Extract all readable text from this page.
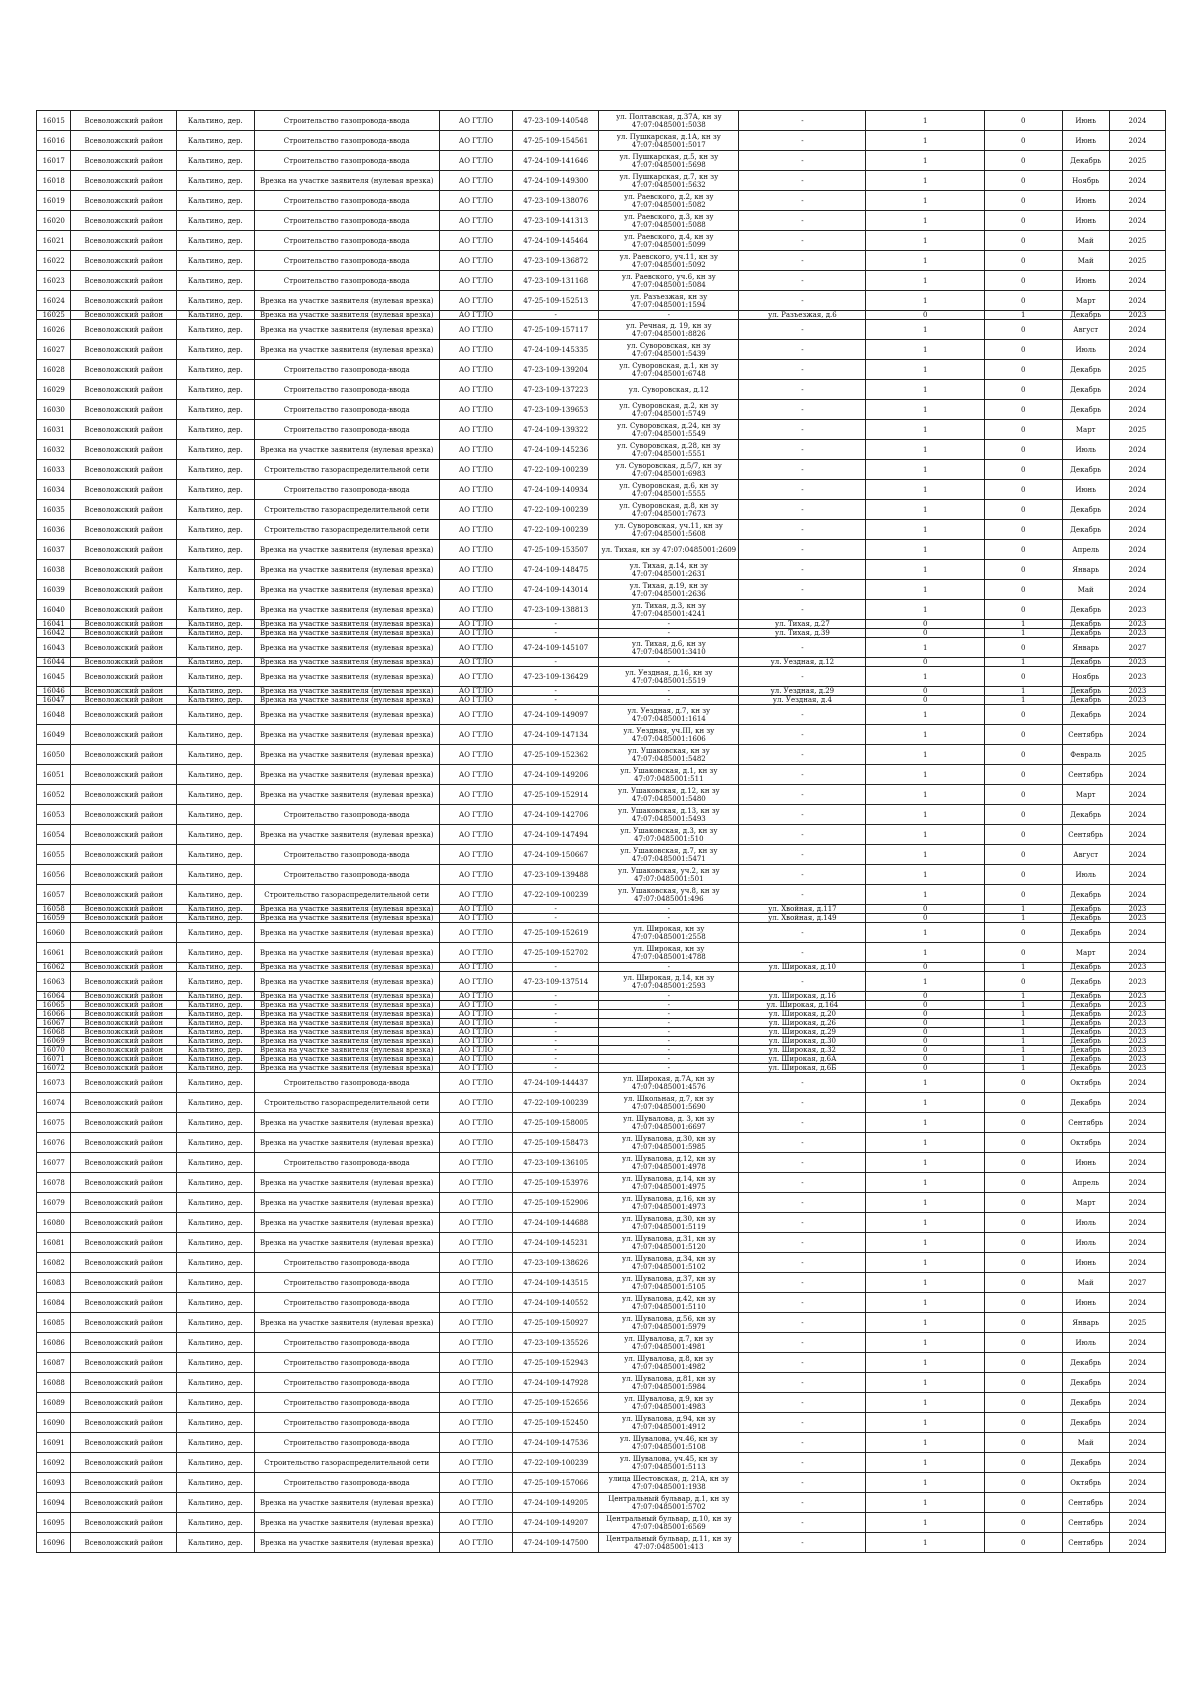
16015	Всеволожский район	Кальтино, дер.	Строительство газопровода-ввода	АО ГТЛО	47-23-109-140548	ул. Полтавская, д.37А, кн зу
47:07:0485001:5038	-	1	0	Июнь	2024
16016	Всеволожский район	Кальтино, дер.	Строительство газопровода-ввода	АО ГТЛО	47-25-109-154561	ул. Пушкарская, д.1А, кн зу
47:07:0485001:5017	-	1	0	Июнь	2024
16017	Всеволожский район	Кальтино, дер.	Строительство газопровода-ввода	АО ГТЛО	47-24-109-141646	ул. Пушкарская, д.5, кн зу
47:07:0485001:5698	-	1	0	Декабрь	2025
16018	Всеволожский район	Кальтино, дер.	Врезка на участке заявителя (нулевая врезка)	АО ГТЛО	47-24-109-149300	ул. Пушкарская, д.7, кн зу
47:07:0485001:5632	-	1	0	Ноябрь	2024
16019	Всеволожский район	Кальтино, дер.	Строительство газопровода-ввода	АО ГТЛО	47-23-109-138076	ул. Раевского, д.2, кн зу
47:07:0485001:5082	-	1	0	Июнь	2024
16020	Всеволожский район	Кальтино, дер.	Строительство газопровода-ввода	АО ГТЛО	47-23-109-141313	ул. Раевского, д.3, кн зу
47:07:0485001:5088	-	1	0	Июнь	2024
16021	Всеволожский район	Кальтино, дер.	Строительство газопровода-ввода	АО ГТЛО	47-24-109-145464	ул. Раевского, д.4, кн зу
47:07:0485001:5099	-	1	0	Май	2025
16022	Всеволожский район	Кальтино, дер.	Строительство газопровода-ввода	АО ГТЛО	47-23-109-136872	ул. Раевского, уч.11, кн зу
47:07:0485001:5092	-	1	0	Май	2025
16023	Всеволожский район	Кальтино, дер.	Строительство газопровода-ввода	АО ГТЛО	47-23-109-131168	ул. Раевского, уч.6, кн зу
47:07:0485001:5084	-	1	0	Июнь	2024
16024	Всеволожский район	Кальтино, дер.	Врезка на участке заявителя (нулевая врезка)	АО ГТЛО	47-25-109-152513	ул. Разъезжая, кн зу
47:07:0485001:1594	-	1	0	Март	2024
16025	Всеволожский район	Кальтино, дер.	Врезка на участке заявителя (нулевая врезка)	АО ГТЛО	-	-	ул. Разъезжая, д.6	0	1	Декабрь	2023
16026	Всеволожский район	Кальтино, дер.	Врезка на участке заявителя (нулевая врезка)	АО ГТЛО	47-25-109-157117	ул. Речная, д. 19, кн зу
47:07:0485001:8826	-	1	0	Август	2024
16027	Всеволожский район	Кальтино, дер.	Врезка на участке заявителя (нулевая врезка)	АО ГТЛО	47-24-109-145335	ул. Суворовская, кн зу
47:07:0485001:5439	-	1	0	Июль	2024
16028	Всеволожский район	Кальтино, дер.	Строительство газопровода-ввода	АО ГТЛО	47-23-109-139204	ул. Суворовская, д.1, кн зу
47:07:0485001:6748	-	1	0	Декабрь	2025
16029	Всеволожский район	Кальтино, дер.	Строительство газопровода-ввода	АО ГТЛО	47-23-109-137223	ул. Суворовская, д.12	-	1	0	Декабрь	2024
16030	Всеволожский район	Кальтино, дер.	Строительство газопровода-ввода	АО ГТЛО	47-23-109-139653	ул. Суворовская, д.2, кн зу
47:07:0485001:5749	-	1	0	Декабрь	2024
16031	Всеволожский район	Кальтино, дер.	Строительство газопровода-ввода	АО ГТЛО	47-24-109-139322	ул. Суворовская, д.24, кн зу
47:07:0485001:5549	-	1	0	Март	2025
16032	Всеволожский район	Кальтино, дер.	Врезка на участке заявителя (нулевая врезка)	АО ГТЛО	47-24-109-145236	ул. Суворовская, д.28, кн зу
47:07:0485001:5551	-	1	0	Июль	2024
16033	Всеволожский район	Кальтино, дер.	Строительство газораспределительной сети	АО ГТЛО	47-22-109-100239	ул. Суворовская, д.5/7, кн зу
47:07:0485001:6983	-	1	0	Декабрь	2024
16034	Всеволожский район	Кальтино, дер.	Строительство газопровода-ввода	АО ГТЛО	47-24-109-140934	ул. Суворовская, д.6, кн зу
47:07:0485001:5555	-	1	0	Июнь	2024
16035	Всеволожский район	Кальтино, дер.	Строительство газораспределительной сети	АО ГТЛО	47-22-109-100239	ул. Суворовская, д.8, кн зу
47:07:0485001:7673	-	1	0	Декабрь	2024
16036	Всеволожский район	Кальтино, дер.	Строительство газораспределительной сети	АО ГТЛО	47-22-109-100239	ул. Суворовская, уч.11, кн зу
47:07:0485001:5608	-	1	0	Декабрь	2024
16037	Всеволожский район	Кальтино, дер.	Врезка на участке заявителя (нулевая врезка)	АО ГТЛО	47-25-109-153507	ул. Тихая, кн зу 47:07:0485001:2609	-	1	0	Апрель	2024
16038	Всеволожский район	Кальтино, дер.	Врезка на участке заявителя (нулевая врезка)	АО ГТЛО	47-24-109-148475	ул. Тихая, д.14, кн зу
47:07:0485001:2631	-	1	0	Январь	2024
16039	Всеволожский район	Кальтино, дер.	Врезка на участке заявителя (нулевая врезка)	АО ГТЛО	47-24-109-143014	ул. Тихая, д.19, кн зу
47:07:0485001:2636	-	1	0	Май	2024
16040	Всеволожский район	Кальтино, дер.	Врезка на участке заявителя (нулевая врезка)	АО ГТЛО	47-23-109-138813	ул. Тихая, д.3, кн зу
47:07:0485001:4241	-	1	0	Декабрь	2023
16041	Всеволожский район	Кальтино, дер.	Врезка на участке заявителя (нулевая врезка)	АО ГТЛО	-	-	ул. Тихая, д.27	0	1	Декабрь	2023
16042	Всеволожский район	Кальтино, дер.	Врезка на участке заявителя (нулевая врезка)	АО ГТЛО	-	-	ул. Тихая, д.39	0	1	Декабрь	2023
16043	Всеволожский район	Кальтино, дер.	Врезка на участке заявителя (нулевая врезка)	АО ГТЛО	47-24-109-145107	ул. Тихая, д.6, кн зу
47:07:0485001:3410	-	1	0	Январь	2027
16044	Всеволожский район	Кальтино, дер.	Врезка на участке заявителя (нулевая врезка)	АО ГТЛО	-	-	ул. Уездная, д.12	0	1	Декабрь	2023
16045	Всеволожский район	Кальтино, дер.	Врезка на участке заявителя (нулевая врезка)	АО ГТЛО	47-23-109-136429	ул. Уездная, д.16, кн зу
47:07:0485001:5519	-	1	0	Ноябрь	2023
16046	Всеволожский район	Кальтино, дер.	Врезка на участке заявителя (нулевая врезка)	АО ГТЛО	-	-	ул. Уездная, д.29	0	1	Декабрь	2023
16047	Всеволожский район	Кальтино, дер.	Врезка на участке заявителя (нулевая врезка)	АО ГТЛО	-	-	ул. Уездная, д.4	0	1	Декабрь	2023
16048	Всеволожский район	Кальтино, дер.	Врезка на участке заявителя (нулевая врезка)	АО ГТЛО	47-24-109-149097	ул. Уездная, д.7, кн зу
47:07:0485001:1614	-	1	0	Декабрь	2024
16049	Всеволожский район	Кальтино, дер.	Врезка на участке заявителя (нулевая врезка)	АО ГТЛО	47-24-109-147134	ул. Уездная, уч.III, кн зу
47:07:0485001:1606	-	1	0	Сентябрь	2024
16050	Всеволожский район	Кальтино, дер.	Врезка на участке заявителя (нулевая врезка)	АО ГТЛО	47-25-109-152362	ул. Ушаковская, кн зу
47:07:0485001:5482	-	1	0	Февраль	2025
16051	Всеволожский район	Кальтино, дер.	Врезка на участке заявителя (нулевая врезка)	АО ГТЛО	47-24-109-149206	ул. Ушаковская, д.1, кн зу
47:07:0485001:511	-	1	0	Сентябрь	2024
16052	Всеволожский район	Кальтино, дер.	Врезка на участке заявителя (нулевая врезка)	АО ГТЛО	47-25-109-152914	ул. Ушаковская, д.12, кн зу
47:07:0485001:5480	-	1	0	Март	2024
16053	Всеволожский район	Кальтино, дер.	Строительство газопровода-ввода	АО ГТЛО	47-24-109-142706	ул. Ушаковская, д.13, кн зу
47:07:0485001:5493	-	1	0	Декабрь	2024
16054	Всеволожский район	Кальтино, дер.	Врезка на участке заявителя (нулевая врезка)	АО ГТЛО	47-24-109-147494	ул. Ушаковская, д.3, кн зу
47:07:0485001:510	-	1	0	Сентябрь	2024
16055	Всеволожский район	Кальтино, дер.	Строительство газопровода-ввода	АО ГТЛО	47-24-109-150667	ул. Ушаковская, д.7, кн зу
47:07:0485001:5471	-	1	0	Август	2024
16056	Всеволожский район	Кальтино, дер.	Строительство газопровода-ввода	АО ГТЛО	47-23-109-139488	ул. Ушаковская, уч.2, кн зу
47:07:0485001:501	-	1	0	Июль	2024
16057	Всеволожский район	Кальтино, дер.	Строительство газораспределительной сети	АО ГТЛО	47-22-109-100239	ул. Ушаковская, уч.8, кн зу
47:07:0485001:496	-	1	0	Декабрь	2024
16058	Всеволожский район	Кальтино, дер.	Врезка на участке заявителя (нулевая врезка)	АО ГТЛО	-	-	ул. Хвойная, д.117	0	1	Декабрь	2023
16059	Всеволожский район	Кальтино, дер.	Врезка на участке заявителя (нулевая врезка)	АО ГТЛО	-	-	ул. Хвойная, д.149	0	1	Декабрь	2023
16060	Всеволожский район	Кальтино, дер.	Врезка на участке заявителя (нулевая врезка)	АО ГТЛО	47-25-109-152619	ул. Широкая, кн зу
47:07:0485001:2558	-	1	0	Декабрь	2024
16061	Всеволожский район	Кальтино, дер.	Врезка на участке заявителя (нулевая врезка)	АО ГТЛО	47-25-109-152702	ул. Широкая, кн зу
47:07:0485001:4788	-	1	0	Март	2024
16062	Всеволожский район	Кальтино, дер.	Врезка на участке заявителя (нулевая врезка)	АО ГТЛО	-	-	ул. Широкая, д.10	0	1	Декабрь	2023
16063	Всеволожский район	Кальтино, дер.	Врезка на участке заявителя (нулевая врезка)	АО ГТЛО	47-23-109-137514	ул. Широкая, д.14, кн зу
47:07:0485001:2593	-	1	0	Декабрь	2023
16064	Всеволожский район	Кальтино, дер.	Врезка на участке заявителя (нулевая врезка)	АО ГТЛО	-	-	ул. Широкая, д.16	0	1	Декабрь	2023
16065	Всеволожский район	Кальтино, дер.	Врезка на участке заявителя (нулевая врезка)	АО ГТЛО	-	-	ул. Широкая, д.164	0	1	Декабрь	2023
16066	Всеволожский район	Кальтино, дер.	Врезка на участке заявителя (нулевая врезка)	АО ГТЛО	-	-	ул. Широкая, д.20	0	1	Декабрь	2023
16067	Всеволожский район	Кальтино, дер.	Врезка на участке заявителя (нулевая врезка)	АО ГТЛО	-	-	ул. Широкая, д.26	0	1	Декабрь	2023
16068	Всеволожский район	Кальтино, дер.	Врезка на участке заявителя (нулевая врезка)	АО ГТЛО	-	-	ул. Широкая, д.29	0	1	Декабрь	2023
16069	Всеволожский район	Кальтино, дер.	Врезка на участке заявителя (нулевая врезка)	АО ГТЛО	-	-	ул. Широкая, д.30	0	1	Декабрь	2023
16070	Всеволожский район	Кальтино, дер.	Врезка на участке заявителя (нулевая врезка)	АО ГТЛО	-	-	ул. Широкая, д.32	0	1	Декабрь	2023
16071	Всеволожский район	Кальтино, дер.	Врезка на участке заявителя (нулевая врезка)	АО ГТЛО	-	-	ул. Широкая, д.6А	0	1	Декабрь	2023
16072	Всеволожский район	Кальтино, дер.	Врезка на участке заявителя (нулевая врезка)	АО ГТЛО	-	-	ул. Широкая, д.6Б	0	1	Декабрь	2023
16073	Всеволожский район	Кальтино, дер.	Строительство газопровода-ввода	АО ГТЛО	47-24-109-144437	ул. Широкая, д.7А, кн зу
47:07:0485001:4576	-	1	0	Октябрь	2024
16074	Всеволожский район	Кальтино, дер.	Строительство газораспределительной сети	АО ГТЛО	47-22-109-100239	ул. Школьная, д.7, кн зу
47:07:0485001:5690	-	1	0	Декабрь	2024
16075	Всеволожский район	Кальтино, дер.	Врезка на участке заявителя (нулевая врезка)	АО ГТЛО	47-25-109-158005	ул. Шувалова, д. 3, кн зу
47:07:0485001:6697	-	1	0	Сентябрь	2024
16076	Всеволожский район	Кальтино, дер.	Врезка на участке заявителя (нулевая врезка)	АО ГТЛО	47-25-109-158473	ул. Шувалова, д.30, кн зу
47:07:0485001:5985	-	1	0	Октябрь	2024
16077	Всеволожский район	Кальтино, дер.	Строительство газопровода-ввода	АО ГТЛО	47-23-109-136105	ул. Шувалова, д.12, кн зу
47:07:0485001:4978	-	1	0	Июнь	2024
16078	Всеволожский район	Кальтино, дер.	Врезка на участке заявителя (нулевая врезка)	АО ГТЛО	47-25-109-153976	ул. Шувалова, д.14, кн зу
47:07:0485001:4975	-	1	0	Апрель	2024
16079	Всеволожский район	Кальтино, дер.	Врезка на участке заявителя (нулевая врезка)	АО ГТЛО	47-25-109-152906	ул. Шувалова, д.16, кн зу
47:07:0485001:4973	-	1	0	Март	2024
16080	Всеволожский район	Кальтино, дер.	Врезка на участке заявителя (нулевая врезка)	АО ГТЛО	47-24-109-144688	ул. Шувалова, д.30, кн зу
47:07:0485001:5119	-	1	0	Июль	2024
16081	Всеволожский район	Кальтино, дер.	Врезка на участке заявителя (нулевая врезка)	АО ГТЛО	47-24-109-145231	ул. Шувалова, д.31, кн зу
47:07:0485001:5120	-	1	0	Июль	2024
16082	Всеволожский район	Кальтино, дер.	Строительство газопровода-ввода	АО ГТЛО	47-23-109-138626	ул. Шувалова, д.34, кн зу
47:07:0485001:5102	-	1	0	Июнь	2024
16083	Всеволожский район	Кальтино, дер.	Строительство газопровода-ввода	АО ГТЛО	47-24-109-143515	ул. Шувалова, д.37, кн зу
47:07:0485001:5105	-	1	0	Май	2027
16084	Всеволожский район	Кальтино, дер.	Строительство газопровода-ввода	АО ГТЛО	47-24-109-140552	ул. Шувалова, д.42, кн зу
47:07:0485001:5110	-	1	0	Июнь	2024
16085	Всеволожский район	Кальтино, дер.	Врезка на участке заявителя (нулевая врезка)	АО ГТЛО	47-25-109-150927	ул. Шувалова, д.56, кн зу
47:07:0485001:5979	-	1	0	Январь	2025
16086	Всеволожский район	Кальтино, дер.	Строительство газопровода-ввода	АО ГТЛО	47-23-109-135526	ул. Шувалова, д.7, кн зу
47:07:0485001:4981	-	1	0	Июль	2024
16087	Всеволожский район	Кальтино, дер.	Строительство газопровода-ввода	АО ГТЛО	47-25-109-152943	ул. Шувалова, д.8, кн зу
47:07:0485001:4982	-	1	0	Декабрь	2024
16088	Всеволожский район	Кальтино, дер.	Строительство газопровода-ввода	АО ГТЛО	47-24-109-147928	ул. Шувалова, д.81, кн зу
47:07:0485001:5984	-	1	0	Декабрь	2024
16089	Всеволожский район	Кальтино, дер.	Строительство газопровода-ввода	АО ГТЛО	47-25-109-152656	ул. Шувалова, д.9, кн зу
47:07:0485001:4983	-	1	0	Декабрь	2024
16090	Всеволожский район	Кальтино, дер.	Строительство газопровода-ввода	АО ГТЛО	47-25-109-152450	ул. Шувалова, д.94, кн зу
47:07:0485001:4912	-	1	0	Декабрь	2024
16091	Всеволожский район	Кальтино, дер.	Строительство газопровода-ввода	АО ГТЛО	47-24-109-147536	ул. Шувалова, уч.46, кн зу
47:07:0485001:5108	-	1	0	Май	2024
16092	Всеволожский район	Кальтино, дер.	Строительство газораспределительной сети	АО ГТЛО	47-22-109-100239	ул. Шувалова, уч.45, кн зу
47:07:0485001:5113	-	1	0	Декабрь	2024
16093	Всеволожский район	Кальтино, дер.	Строительство газопровода-ввода	АО ГТЛО	47-25-109-157066	улица Шестовская, д. 21А, кн зу
47:07:0485001:1938	-	1	0	Октябрь	2024
16094	Всеволожский район	Кальтино, дер.	Врезка на участке заявителя (нулевая врезка)	АО ГТЛО	47-24-109-149205	Центральный бульвар, д.1, кн зу
47:07:0485001:5702	-	1	0	Сентябрь	2024
16095	Всеволожский район	Кальтино, дер.	Врезка на участке заявителя (нулевая врезка)	АО ГТЛО	47-24-109-149207	Центральный бульвар, д.10, кн зу
47:07:0485001:6569	-	1	0	Сентябрь	2024
16096	Всеволожский район	Кальтино, дер.	Врезка на участке заявителя (нулевая врезка)	АО ГТЛО	47-24-109-147500	Центральный бульвар, д.11, кн зу
47:07:0485001:413	-	1	0	Сентябрь	2024
